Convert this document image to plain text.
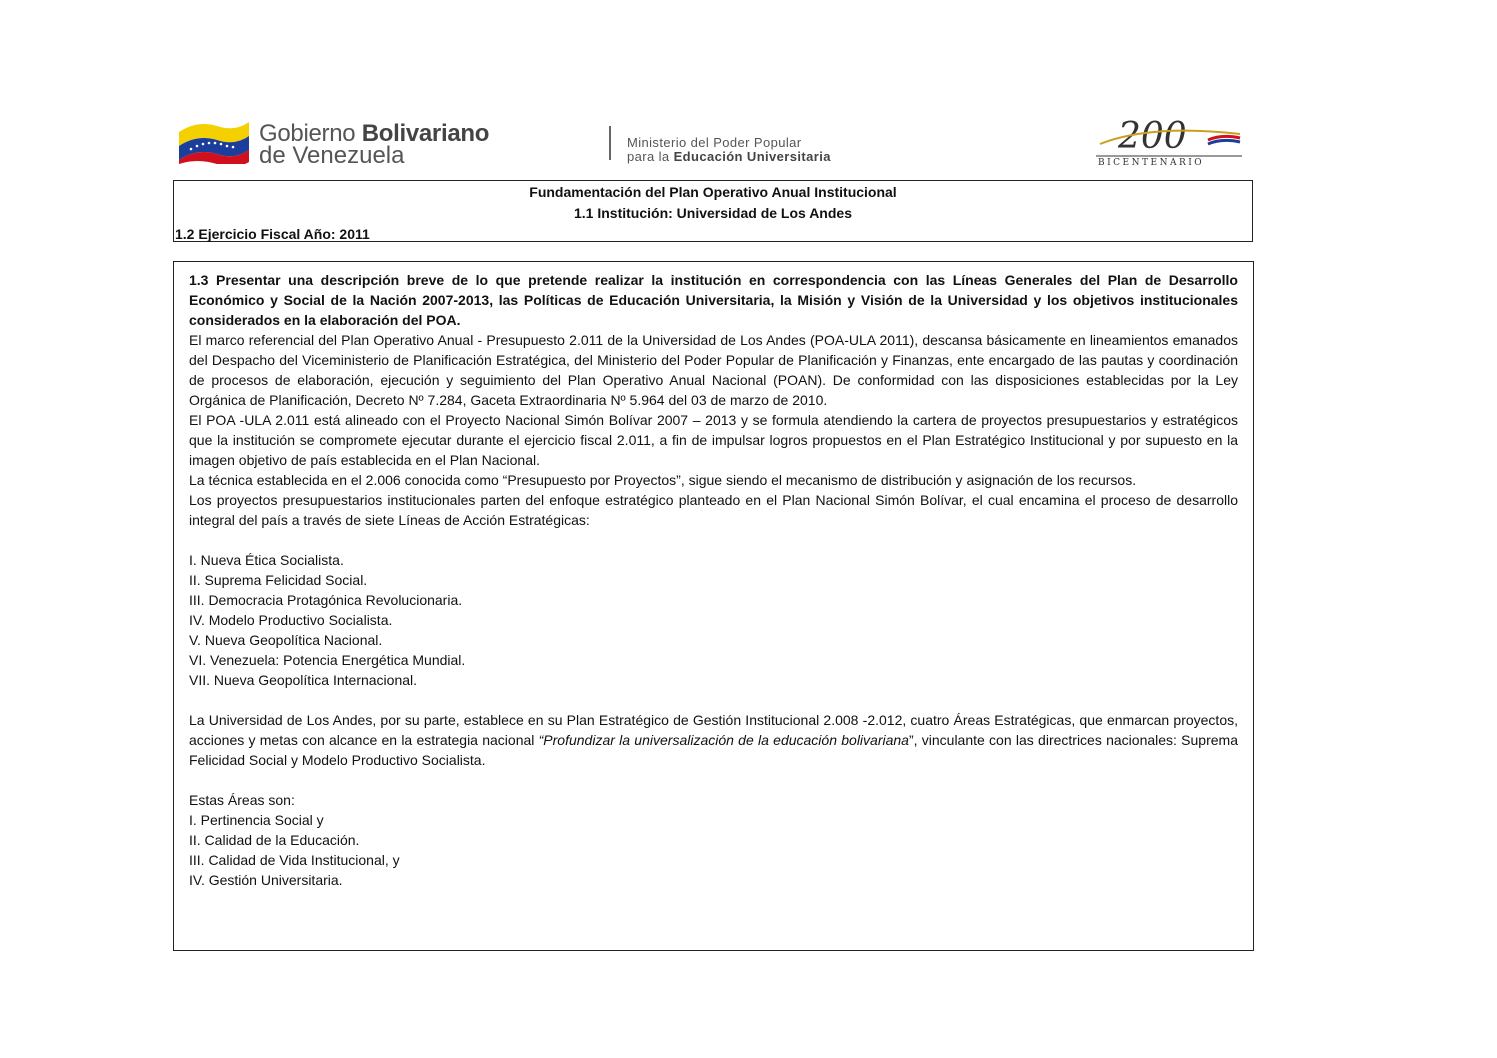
Gobierno Bolivariano
de Venezuela	Ministerio del Poder Popular
para la Educación Universitaria	200
BICENTENARIO
Fundamentación del Plan Operativo Anual Institucional
1.1 Institución: Universidad de Los Andes
1.2 Ejercicio Fiscal Año: 2011

1.3 Presentar una descripción breve de lo que pretende realizar la institución en correspondencia con las Líneas Generales del Plan de Desarrollo Económico y Social de la Nación 2007-2013, las Políticas de Educación Universitaria, la Misión y Visión de la Universidad y los objetivos institucionales considerados en la elaboración del POA.

El marco referencial del Plan Operativo Anual - Presupuesto 2.011 de la Universidad de Los Andes (POA-ULA 2011), descansa básicamente en lineamientos emanados del Despacho del Viceministerio de Planificación Estratégica, del Ministerio del Poder Popular de Planificación y Finanzas, ente encargado de las pautas y coordinación de procesos de elaboración, ejecución y seguimiento del Plan Operativo Anual Nacional (POAN). De conformidad con las disposiciones establecidas por la Ley Orgánica de Planificación, Decreto Nº 7.284, Gaceta Extraordinaria Nº 5.964 del 03 de marzo de 2010.

El POA -ULA 2.011 está alineado con el Proyecto Nacional Simón Bolívar 2007 – 2013 y se formula atendiendo la cartera de proyectos presupuestarios y estratégicos que la institución se compromete ejecutar durante el ejercicio fiscal 2.011, a fin de impulsar logros propuestos en el Plan Estratégico Institucional y por supuesto en la imagen objetivo de país establecida en el Plan Nacional.

La técnica establecida en el 2.006 conocida como “Presupuesto por Proyectos”, sigue siendo el mecanismo de distribución y asignación de los recursos.

Los proyectos presupuestarios institucionales parten del enfoque estratégico planteado en el Plan Nacional Simón Bolívar, el cual encamina el proceso de desarrollo integral del país a través de siete Líneas de Acción Estratégicas:

I. Nueva Ética Socialista.

II. Suprema Felicidad Social.

III. Democracia Protagónica Revolucionaria.

IV. Modelo Productivo Socialista.

V. Nueva Geopolítica Nacional.

VI. Venezuela: Potencia Energética Mundial.

VII. Nueva Geopolítica Internacional.

La Universidad de Los Andes, por su parte, establece en su Plan Estratégico de Gestión Institucional 2.008 -2.012, cuatro Áreas Estratégicas, que enmarcan proyectos, acciones y metas con alcance en la estrategia nacional “Profundizar la universalización de la educación bolivariana”, vinculante con las directrices nacionales: Suprema Felicidad Social y Modelo Productivo Socialista.

Estas Áreas son:

I. Pertinencia Social y

II. Calidad de la Educación.

III. Calidad de Vida Institucional, y

IV. Gestión Universitaria.
